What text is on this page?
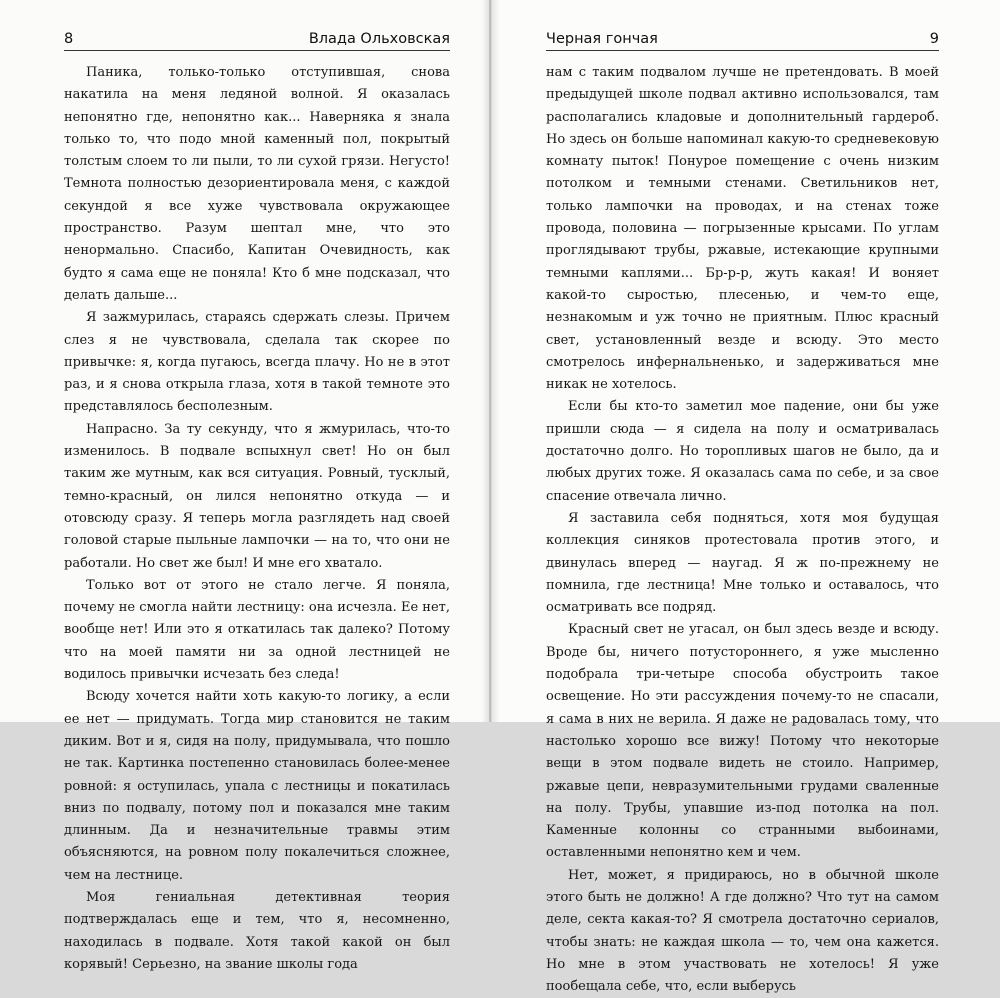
8	Влада Ольховская

Паника, только-только отступившая, снова накатила на меня ледяной волной. Я оказалась непонятно где, непонятно как... Наверняка я знала только то, что подо мной каменный пол, покрытый толстым слоем то ли пыли, то ли сухой грязи. Негусто! Темнота полностью дезориентировала меня, с каждой секундой я все хуже чувствовала окружающее пространство. Разум шептал мне, что это ненормально. Спасибо, Капитан Очевидность, как будто я сама еще не поняла! Кто б мне подсказал, что делать дальше...

Я зажмурилась, стараясь сдержать слезы. Причем слез я не чувствовала, сделала так скорее по привычке: я, когда пугаюсь, всегда плачу. Но не в этот раз, и я снова открыла глаза, хотя в такой темноте это представлялось бесполезным.

Напрасно. За ту секунду, что я жмурилась, что-то изменилось. В подвале вспыхнул свет! Но он был таким же мутным, как вся ситуация. Ровный, тусклый, темно-красный, он лился непонятно откуда — и отовсюду сразу. Я теперь могла разглядеть над своей головой старые пыльные лампочки — на то, что они не работали. Но свет же был! И мне его хватало.

Только вот от этого не стало легче. Я поняла, почему не смогла найти лестницу: она исчезла. Ее нет, вообще нет! Или это я откатилась так далеко? Потому что на моей памяти ни за одной лестницей не водилось привычки исчезать без следа!

Всюду хочется найти хоть какую-то логику, а если ее нет — придумать. Тогда мир становится не таким диким. Вот и я, сидя на полу, придумывала, что пошло не так. Картинка постепенно становилась более-менее ровной: я оступилась, упала с лестницы и покатилась вниз по подвалу, потому пол и показался мне таким длинным. Да и незначительные травмы этим объясняются, на ровном полу покалечиться сложнее, чем на лестнице.

Моя гениальная детективная теория подтверждалась еще и тем, что я, несомненно, находилась в подвале. Хотя такой какой он был корявый! Серьезно, на звание школы года

Черная гончая	9

нам с таким подвалом лучше не претендовать. В моей предыдущей школе подвал активно использовался, там располагались кладовые и дополнительный гардероб. Но здесь он больше напоминал какую-то средневековую комнату пыток! Понурое помещение с очень низким потолком и темными стенами. Светильников нет, только лампочки на проводах, и на стенах тоже провода, половина — погрызенные крысами. По углам проглядывают трубы, ржавые, истекающие крупными темными каплями... Бр-р-р, жуть какая! И воняет какой-то сыростью, плесенью, и чем-то еще, незнакомым и уж точно не приятным. Плюс красный свет, установленный везде и всюду. Это место смотрелось инфернальненько, и задерживаться мне никак не хотелось.

Если бы кто-то заметил мое падение, они бы уже пришли сюда — я сидела на полу и осматривалась достаточно долго. Но торопливых шагов не было, да и любых других тоже. Я оказалась сама по себе, и за свое спасение отвечала лично.

Я заставила себя подняться, хотя моя будущая коллекция синяков протестовала против этого, и двинулась вперед — наугад. Я ж по-прежнему не помнила, где лестница! Мне только и оставалось, что осматривать все подряд.

Красный свет не угасал, он был здесь везде и всюду. Вроде бы, ничего потустороннего, я уже мысленно подобрала три-четыре способа обустроить такое освещение. Но эти рассуждения почему-то не спасали, я сама в них не верила. Я даже не радовалась тому, что настолько хорошо все вижу! Потому что некоторые вещи в этом подвале видеть не стоило. Например, ржавые цепи, невразумительными грудами сваленные на полу. Трубы, упавшие из-под потолка на пол. Каменные колонны со странными выбоинами, оставленными непонятно кем и чем.

Нет, может, я придираюсь, но в обычной школе этого быть не должно! А где должно? Что тут на самом деле, секта какая-то? Я смотрела достаточно сериалов, чтобы знать: не каждая школа — то, чем она кажется. Но мне в этом участвовать не хотелось! Я уже пообещала себе, что, если выберусь
